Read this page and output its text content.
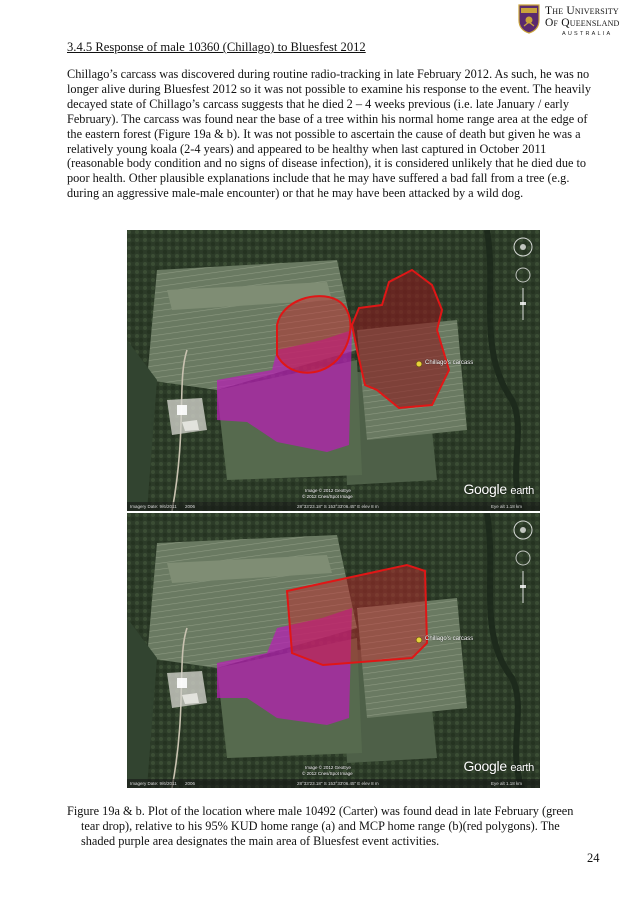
The University
Of Queensland
AUSTRALIA
3.4.5 Response of male 10360 (Chillago) to Bluesfest 2012

Chillago’s carcass was discovered during routine radio-tracking in late February 2012. As such, he was no longer alive during Bluesfest 2012 so it was not possible to examine his response to the event. The heavily decayed state of Chillago’s carcass suggests that he died 2 – 4 weeks previous (i.e. late January / early February). The carcass was found near the base of a tree within his normal home range area at the edge of the eastern forest (Figure 19a & b). It was not possible to ascertain the cause of death but given he was a relatively young koala (2-4 years) and appeared to be healthy when last captured in October 2011 (reasonable body condition and no signs of disease infection), it is considered unlikely that he died due to poor health. Other plausible explanations include that he may have suffered a bad fall from a tree (e.g. during an aggressive male-male encounter) or that he may have been attacked by a wild dog.

Chillago’s carcass
Google earth
Image © 2012 GeoEye
© 2012 Cnes/Spot Image
Imagery Date: 9/6/2011 2006	28°33'23.18" S 153°33'06.45" E elev 8 m	Eye alt 1.18 km
Chillago’s carcass
Google earth
Image © 2012 GeoEye
© 2012 Cnes/Spot Image
Imagery Date: 9/6/2011 2006	28°33'23.18" S 153°33'06.45" E elev 8 m	Eye alt 1.18 km

Figure 19a & b. Plot of the location where male 10492 (Carter) was found dead in late February (green
tear drop), relative to his 95% KUD home range (a) and MCP home range (b)(red polygons). The shaded purple area designates the main area of Bluesfest event activities.

24
